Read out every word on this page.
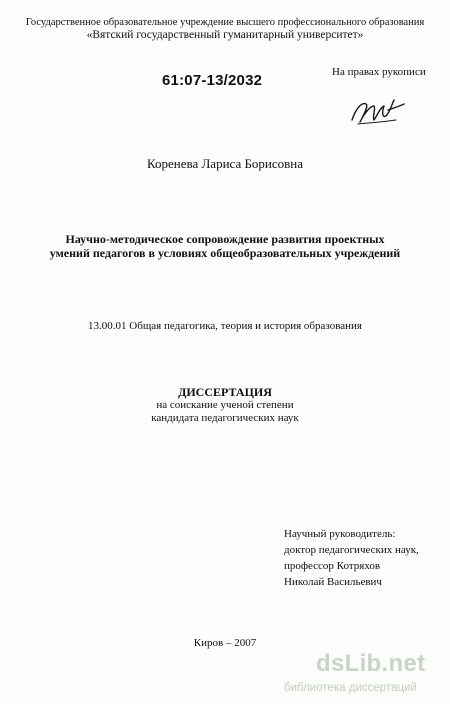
Государственное образовательное учреждение высшего профессионального образования
«Вятский государственный гуманитарный университет»
61:07-13/2032	На правах рукописи
Коренева Лариса Борисовна
Научно-методическое сопровождение развития проектных
умений педагогов в условиях общеобразовательных учреждений
13.00.01 Общая педагогика, теория и история образования
ДИССЕРТАЦИЯ
на соискание ученой степени
кандидата педагогических наук
Научный руководитель:
доктор педагогических наук,
профессор Котряхов
Николай Васильевич
Киров – 2007
dsLib.net
библиотека диссертаций
